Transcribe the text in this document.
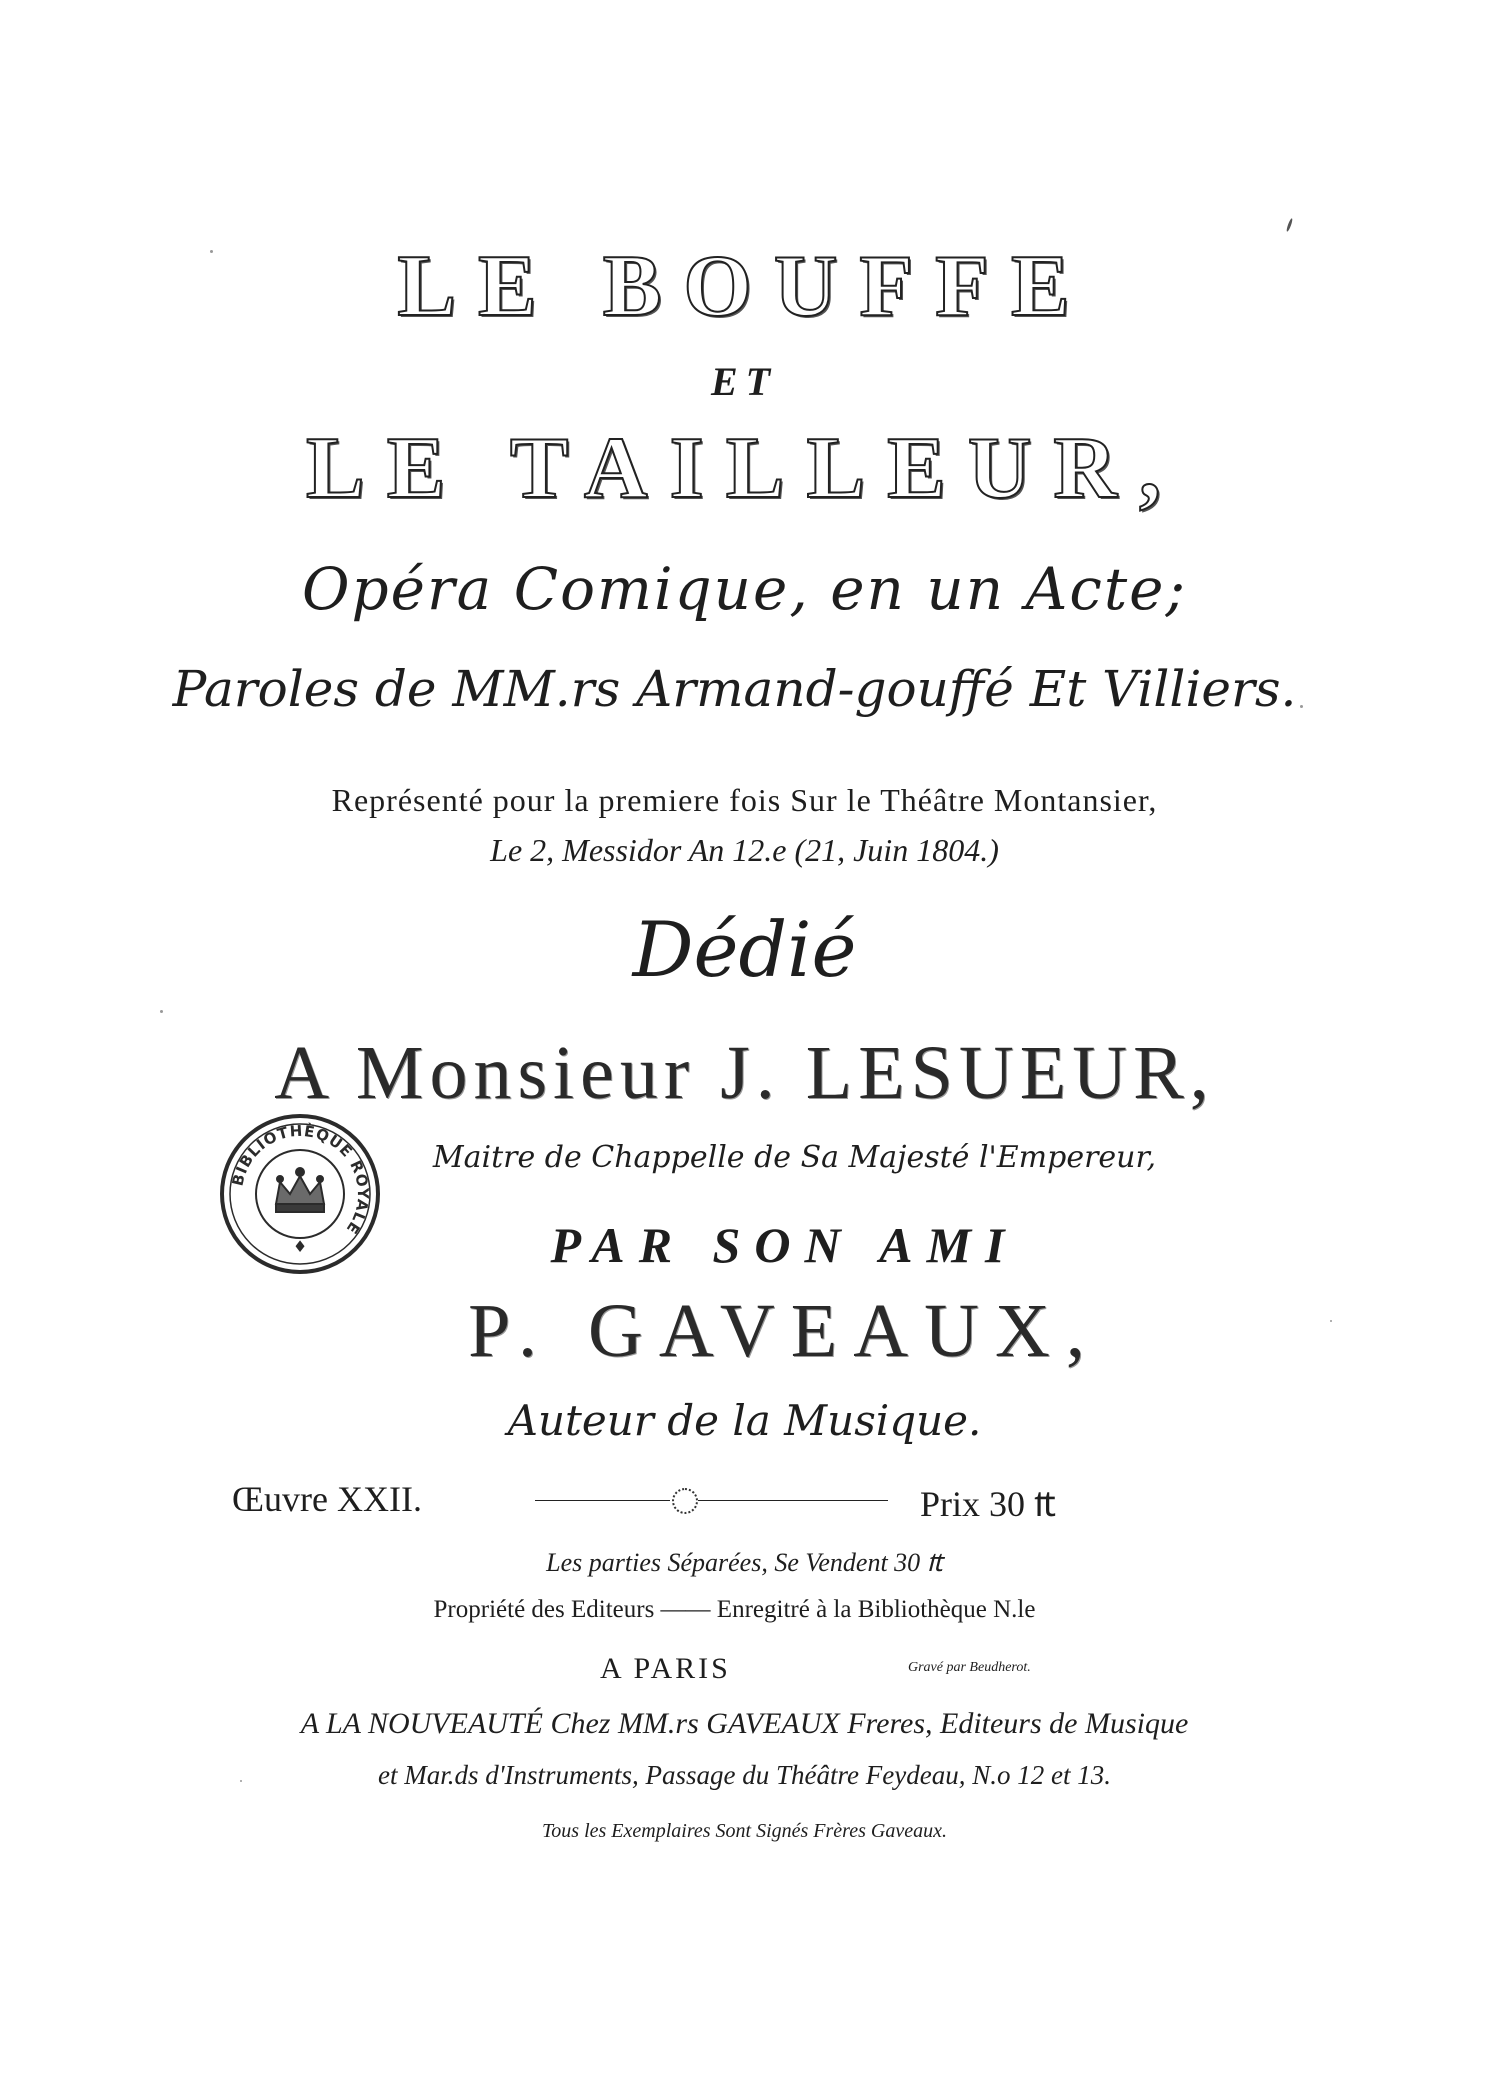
LE BOUFFE
ET
LE TAILLEUR,
Opéra Comique, en un Acte;
Paroles de MM.rs Armand-gouffé Et Villiers.
Représenté pour la premiere fois Sur le Théâtre Montansier,
Le 2, Messidor An 12.e (21, Juin 1804.)
Dédié
A Monsieur J. LESUEUR,
Maitre de Chappelle de Sa Majesté l'Empereur,
PAR SON AMI
P. GAVEAUX,
Auteur de la Musique.
Œuvre XXII.	Prix 30 ₶
Les parties Séparées, Se Vendent 30 ₶
Propriété des Editeurs —— Enregitré à la Bibliothèque N.le
A PARIS	Gravé par Beudherot.
A LA NOUVEAUTÉ Chez MM.rs GAVEAUX Freres, Editeurs de Musique
et Mar.ds d'Instruments, Passage du Théâtre Feydeau, N.o 12 et 13.
Tous les Exemplaires Sont Signés Frères Gaveaux.
BIBLIOTHÈQUE ROYALE
♦
